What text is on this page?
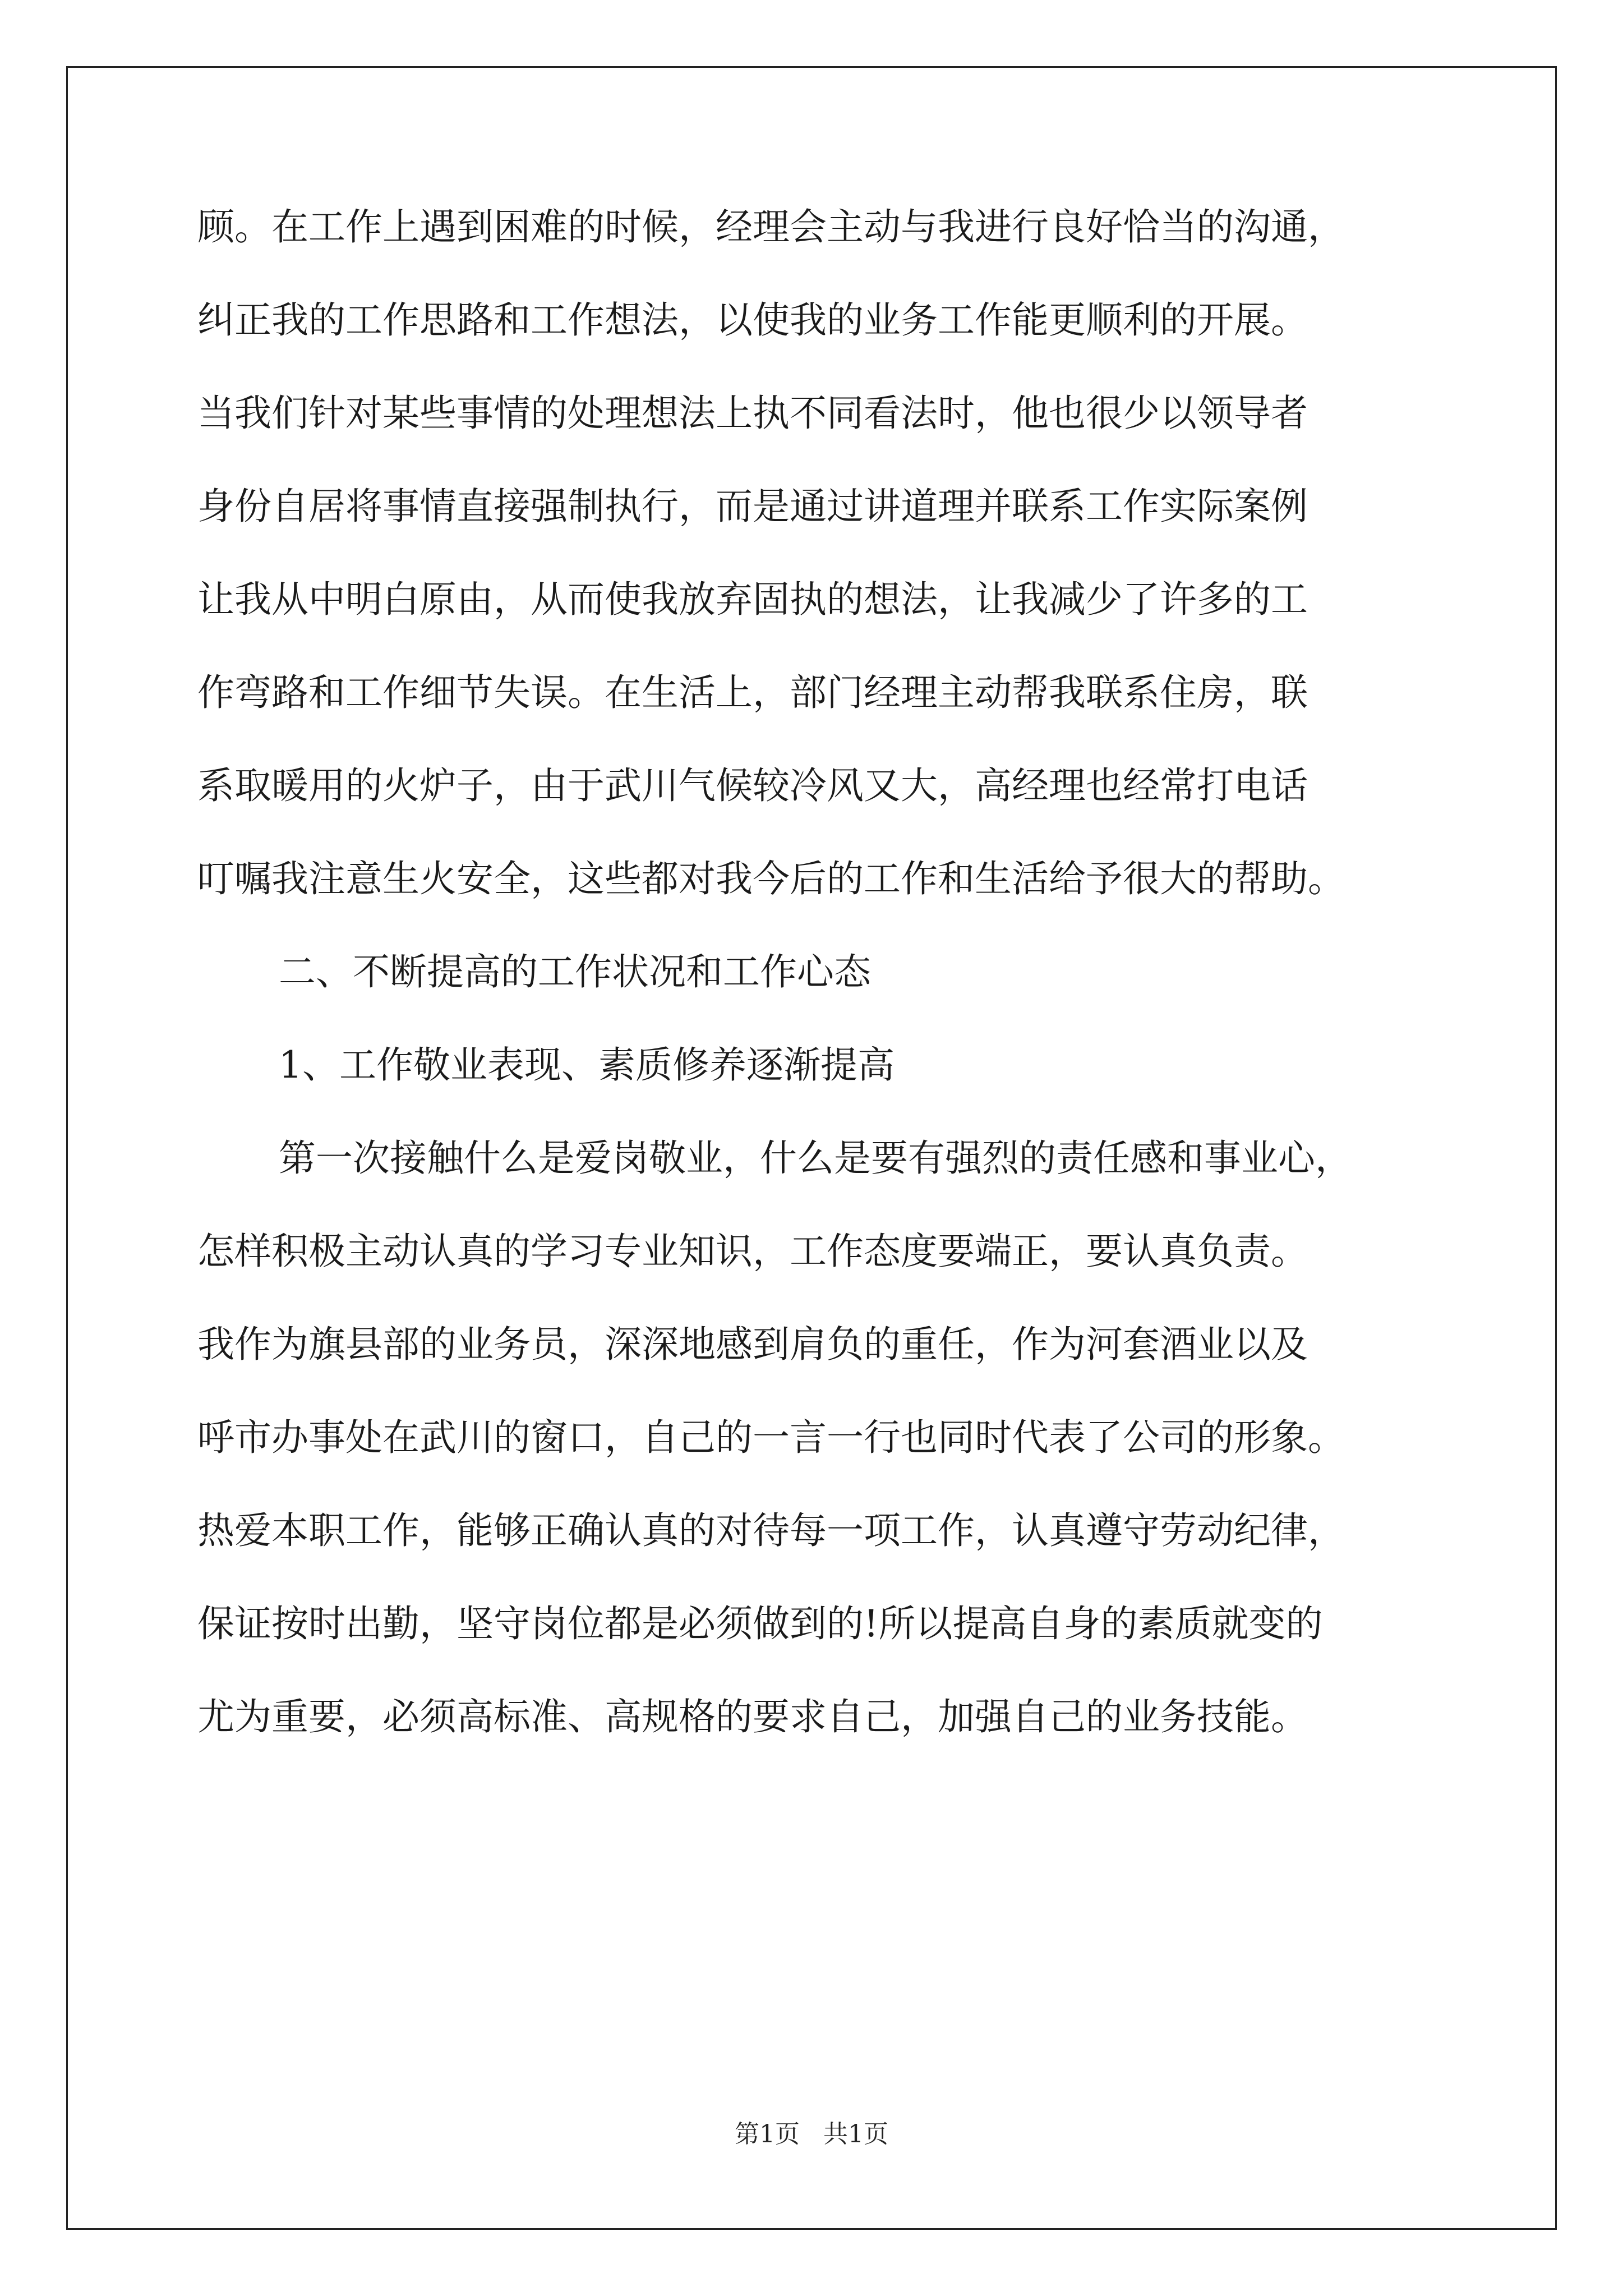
顾。在工作上遇到困难的时候，经理会主动与我进行良好恰当的沟通，
纠正我的工作思路和工作想法，以使我的业务工作能更顺利的开展。
当我们针对某些事情的处理想法上执不同看法时，他也很少以领导者
身份自居将事情直接强制执行，而是通过讲道理并联系工作实际案例
让我从中明白原由，从而使我放弃固执的想法，让我减少了许多的工
作弯路和工作细节失误。在生活上，部门经理主动帮我联系住房，联
系取暖用的火炉子，由于武川气候较冷风又大，高经理也经常打电话
叮嘱我注意生火安全，这些都对我今后的工作和生活给予很大的帮助。
二、不断提高的工作状况和工作心态
1、工作敬业表现、素质修养逐渐提高
第一次接触什么是爱岗敬业，什么是要有强烈的责任感和事业心，
怎样积极主动认真的学习专业知识，工作态度要端正，要认真负责。
我作为旗县部的业务员，深深地感到肩负的重任，作为河套酒业以及
呼市办事处在武川的窗口，自己的一言一行也同时代表了公司的形象。
热爱本职工作，能够正确认真的对待每一项工作，认真遵守劳动纪律，
保证按时出勤，坚守岗位都是必须做到的!所以提高自身的素质就变的
尤为重要，必须高标准、高规格的要求自己，加强自己的业务技能。
第1页 共1页
